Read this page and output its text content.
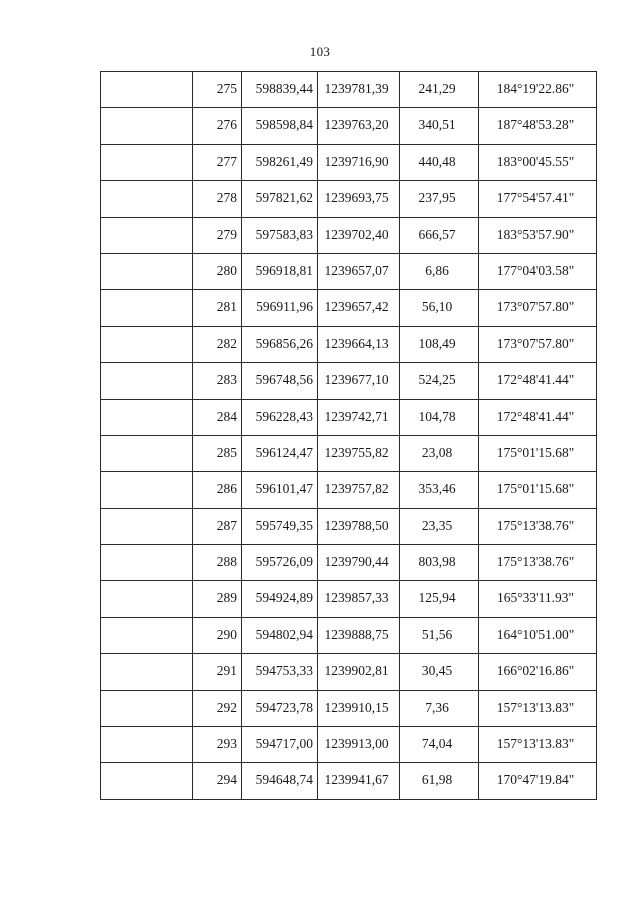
103
	275	598839,44	1239781,39	241,29	184°19'22.86"
	276	598598,84	1239763,20	340,51	187°48'53.28"
	277	598261,49	1239716,90	440,48	183°00'45.55"
	278	597821,62	1239693,75	237,95	177°54'57.41"
	279	597583,83	1239702,40	666,57	183°53'57.90"
	280	596918,81	1239657,07	6,86	177°04'03.58"
	281	596911,96	1239657,42	56,10	173°07'57.80"
	282	596856,26	1239664,13	108,49	173°07'57.80"
	283	596748,56	1239677,10	524,25	172°48'41.44"
	284	596228,43	1239742,71	104,78	172°48'41.44"
	285	596124,47	1239755,82	23,08	175°01'15.68"
	286	596101,47	1239757,82	353,46	175°01'15.68"
	287	595749,35	1239788,50	23,35	175°13'38.76"
	288	595726,09	1239790,44	803,98	175°13'38.76"
	289	594924,89	1239857,33	125,94	165°33'11.93"
	290	594802,94	1239888,75	51,56	164°10'51.00"
	291	594753,33	1239902,81	30,45	166°02'16.86"
	292	594723,78	1239910,15	7,36	157°13'13.83"
	293	594717,00	1239913,00	74,04	157°13'13.83"
	294	594648,74	1239941,67	61,98	170°47'19.84"
